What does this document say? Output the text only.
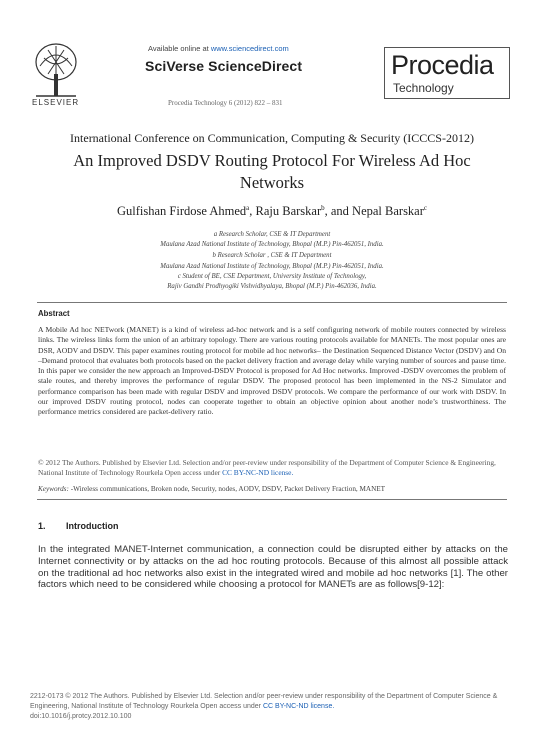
ELSEVIER
Available online at www.sciencedirect.com
SciVerse ScienceDirect
Procedia Technology 6 (2012) 822 – 831
Procedia
Technology
International Conference on Communication, Computing & Security (ICCCS-2012)
An Improved DSDV Routing Protocol For Wireless Ad Hoc
Networks
Gulfishan Firdose Ahmed$^a$, Raju Barskar$^b$, and Nepal Barskar$^c$
a Research Scholar, CSE & IT Department
Maulana Azad National Institute of Technology, Bhopal (M.P.) Pin-462051, India.
b Research Scholar , CSE & IT Department
Maulana Azad National Institute of Technology, Bhopal (M.P.) Pin-462051, India.
c Student of BE, CSE Department, University Institute of Technology,
Rajiv Gandhi Prodhyogiki Vishvidhyalaya, Bhopal (M.P.) Pin-462036, India.
Abstract
A Mobile Ad hoc NETwork (MANET) is a kind of wireless ad-hoc network and is a self configuring network of mobile routers connected by wireless links. The wireless links form the union of an arbitrary topology. There are various routing protocols available for MANETs. The most popular ones are DSR, AODV and DSDV. This paper examines routing protocol for mobile ad hoc networks– the Destination Sequenced Distance Vector (DSDV) and On –Demand protocol that evaluates both protocols based on the packet delivery fraction and average delay while varying number of sources and pause time. In this paper we consider the new approach an Improved-DSDV Protocol is proposed for Ad Hoc networks. Improved -DSDV overcomes the problem of stale routes, and thereby improves the performance of regular DSDV. The proposed protocol has been implemented in the NS-2 Simulator and performance comparison has been made with regular DSDV and improved DSDV protocols. We compare the performance of our work with DSDV. In our improved DSDV routing protocol, nodes can cooperate together to obtain an objective opinion about another node’s trustworthiness. The performance metrics considered are packet-delivery ratio.
© 2012 The Authors. Published by Elsevier Ltd. Selection and/or peer-review under responsibility of the Department of Computer Science & Engineering, National Institute of Technology Rourkela Open access under CC BY-NC-ND license.
Keywords: -Wireless communications, Broken node, Security, nodes, AODV, DSDV, Packet Delivery Fraction, MANET
1. Introduction
In the integrated MANET-Internet communication, a connection could be disrupted either by attacks on the Internet connectivity or by attacks on the ad hoc routing protocols. Because of this almost all possible attack on the traditional ad hoc networks also exist in the integrated wired and mobile ad hoc networks [1]. The other factors which need to be considered while choosing a protocol for MANETs are as follows[9-12]:
2212-0173 © 2012 The Authors. Published by Elsevier Ltd. Selection and/or peer-review under responsibility of the Department of Computer Science & Engineering, National Institute of Technology Rourkela Open access under CC BY-NC-ND license.
doi:10.1016/j.protcy.2012.10.100
